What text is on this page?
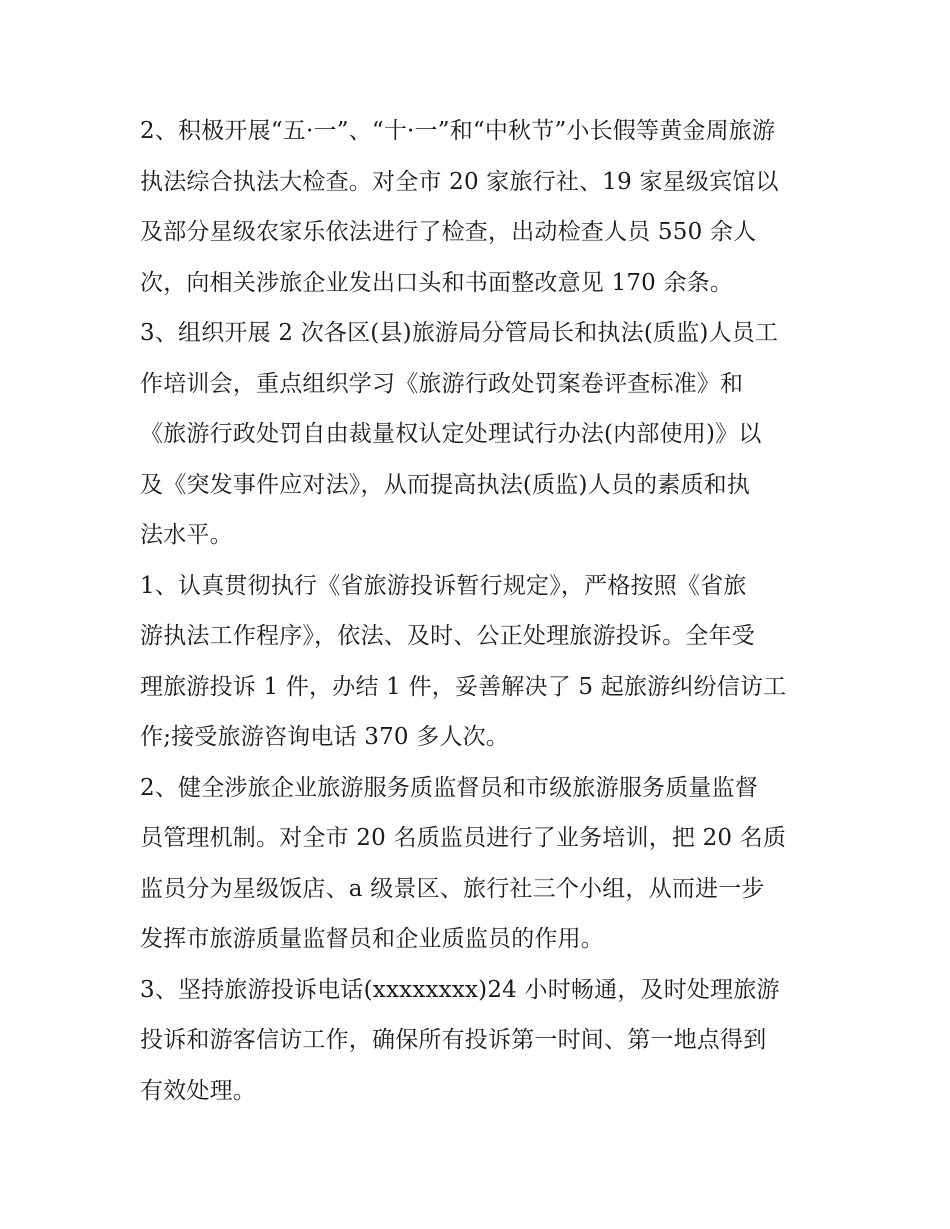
2、积极开展“五·一”、“十·一”和“中秋节”小长假等黄金周旅游
执法综合执法大检查。对全市 20 家旅行社、19 家星级宾馆以
及部分星级农家乐依法进行了检查，出动检查人员 550 余人
次，向相关涉旅企业发出口头和书面整改意见 170 余条。
3、组织开展 2 次各区(县)旅游局分管局长和执法(质监)人员工
作培训会，重点组织学习《旅游行政处罚案卷评查标准》和
《旅游行政处罚自由裁量权认定处理试行办法(内部使用)》以
及《突发事件应对法》，从而提高执法(质监)人员的素质和执
法水平。
1、认真贯彻执行《省旅游投诉暂行规定》，严格按照《省旅
游执法工作程序》，依法、及时、公正处理旅游投诉。全年受
理旅游投诉 1 件，办结 1 件，妥善解决了 5 起旅游纠纷信访工
作;接受旅游咨询电话 370 多人次。
2、健全涉旅企业旅游服务质监督员和市级旅游服务质量监督
员管理机制。对全市 20 名质监员进行了业务培训，把 20 名质
监员分为星级饭店、a 级景区、旅行社三个小组，从而进一步
发挥市旅游质量监督员和企业质监员的作用。
3、坚持旅游投诉电话(xxxxxxxx)24 小时畅通，及时处理旅游
投诉和游客信访工作，确保所有投诉第一时间、第一地点得到
有效处理。
